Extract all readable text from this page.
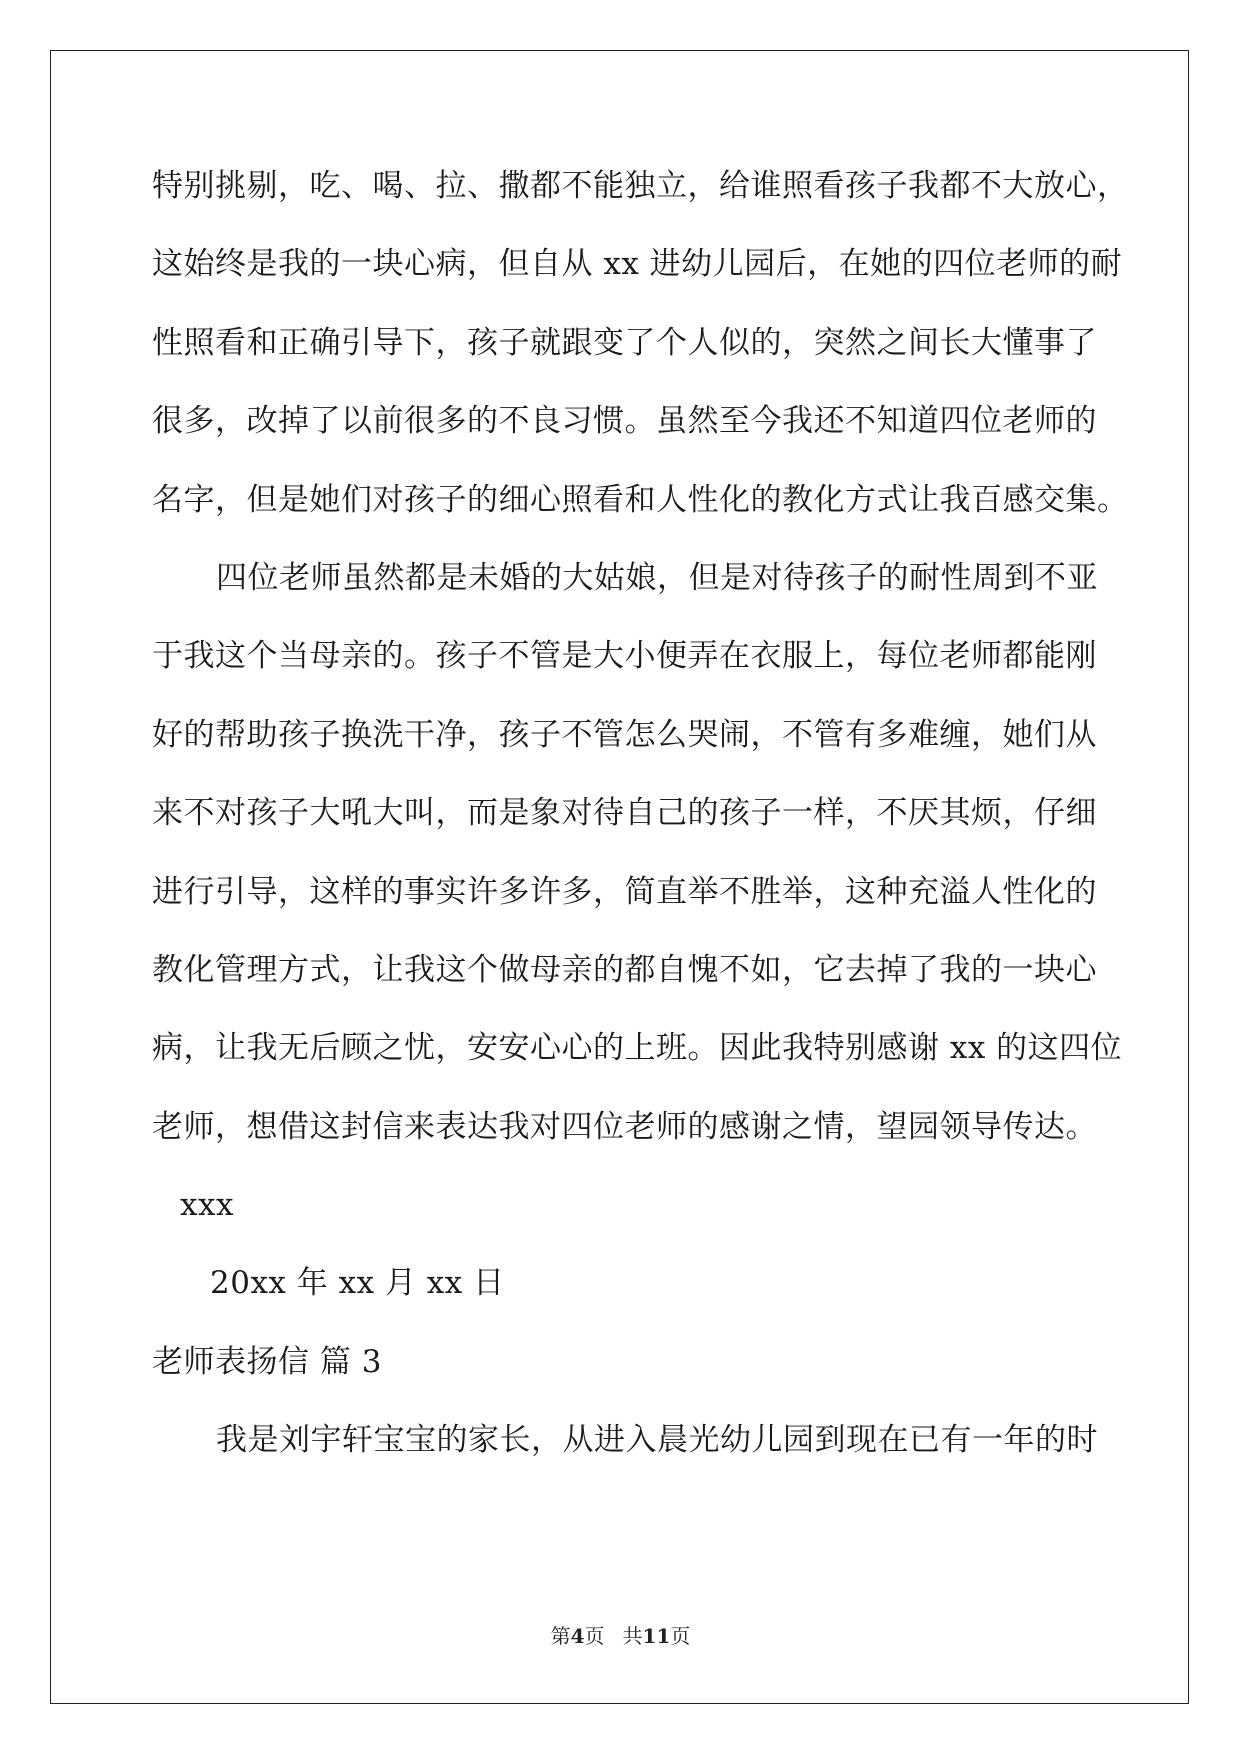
特别挑剔，吃、喝、拉、撒都不能独立，给谁照看孩子我都不大放心，
这始终是我的一块心病，但自从 xx 进幼儿园后，在她的四位老师的耐
性照看和正确引导下，孩子就跟变了个人似的，突然之间长大懂事了
很多，改掉了以前很多的不良习惯。虽然至今我还不知道四位老师的
名字，但是她们对孩子的细心照看和人性化的教化方式让我百感交集。
四位老师虽然都是未婚的大姑娘，但是对待孩子的耐性周到不亚
于我这个当母亲的。孩子不管是大小便弄在衣服上，每位老师都能刚
好的帮助孩子换洗干净，孩子不管怎么哭闹，不管有多难缠，她们从
来不对孩子大吼大叫，而是象对待自己的孩子一样，不厌其烦，仔细
进行引导，这样的事实许多许多，简直举不胜举，这种充溢人性化的
教化管理方式，让我这个做母亲的都自愧不如，它去掉了我的一块心
病，让我无后顾之忧，安安心心的上班。因此我特别感谢 xx 的这四位
老师，想借这封信来表达我对四位老师的感谢之情，望园领导传达。
xxx
20xx 年 xx 月 xx 日
老师表扬信 篇 3
我是刘宇轩宝宝的家长，从进入晨光幼儿园到现在已有一年的时
第4页 共11页
